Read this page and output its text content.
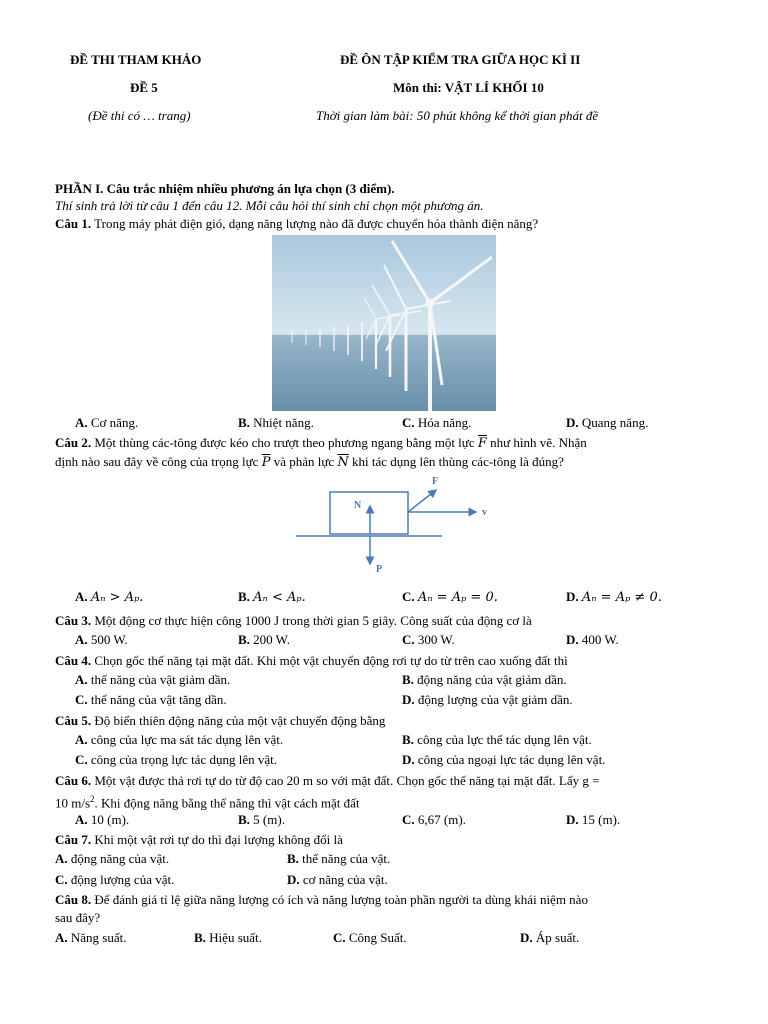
ĐỀ THI THAM KHẢO
ĐỀ 5
(Đề thi có … trang)
ĐỀ ÔN TẬP KIỂM TRA GIỮA HỌC KÌ II
Môn thi: VẬT LÍ KHỐI 10
Thời gian làm bài: 50 phút không kể thời gian phát đề
PHẦN I. Câu trắc nhiệm nhiều phương án lựa chọn (3 điểm).
Thí sinh trả lời từ câu 1 đến câu 12. Mỗi câu hỏi thí sinh chỉ chọn một phương án.
Câu 1. Trong máy phát điện gió, dạng năng lượng nào đã được chuyển hóa thành điện năng?
A. Cơ năng.	B. Nhiệt năng.	C. Hóa năng.	D. Quang năng.
Câu 2. Một thùng các-tông được kéo cho trượt theo phương ngang bằng một lực $\overline{F}$ như hình vẽ. Nhận
định nào sau đây về công của trọng lực $\overline{P}$ và phản lực $\overline{N}$ khi tác dụng lên thùng các-tông là đúng?
F
v
N
P
A. Aₙ > Aₚ.	B. Aₙ < Aₚ.	C. Aₙ = Aₚ = 0.	D. Aₙ = Aₚ ≠ 0.
Câu 3. Một động cơ thực hiện công 1000 J trong thời gian 5 giây. Công suất của động cơ là
A. 500 W.	B. 200 W.	C. 300 W.	D. 400 W.
Câu 4. Chọn gốc thế năng tại mặt đất. Khi một vật chuyển động rơi tự do từ trên cao xuống đất thì
A. thế năng của vật giảm dần.	B. động năng của vật giảm dần.
C. thế năng của vật tăng dần.	D. động lượng của vật giảm dần.
Câu 5. Độ biến thiên động năng của một vật chuyển động bằng
A. công của lực ma sát tác dụng lên vật.	B. công của lực thế tác dụng lên vật.
C. công của trọng lực tác dụng lên vật.	D. công của ngoại lực tác dụng lên vật.
Câu 6. Một vật được thả rơi tự do từ độ cao 20 m so với mặt đất. Chọn gốc thế năng tại mặt đất. Lấy g =
10 $m/s^2$. Khi động năng bằng thế năng thì vật cách mặt đất
A. 10 (m).	B. 5 (m).	C. 6,67 (m).	D. 15 (m).
Câu 7. Khi một vật rơi tự do thì đại lượng không đổi là
A. động năng của vật.	B. thế năng của vật.
C. động lượng của vật.	D. cơ năng của vật.
Câu 8. Để đánh giá tỉ lệ giữa năng lượng có ích và năng lượng toàn phần người ta dùng khái niệm nào
sau đây?
A. Năng suất.	B. Hiệu suất.	C. Công Suất.	D. Áp suất.
